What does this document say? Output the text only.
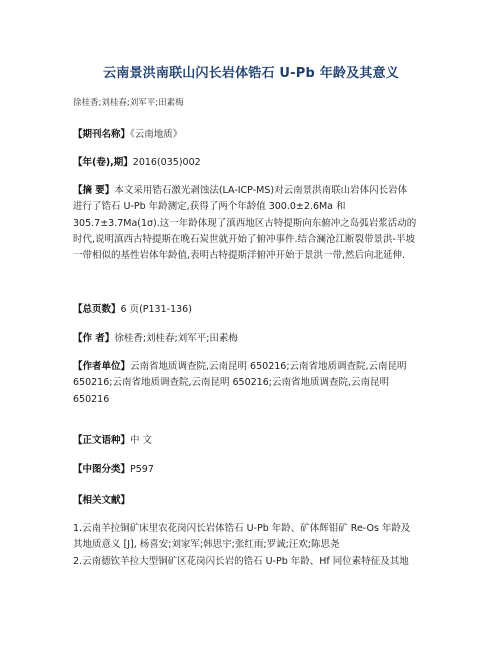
云南景洪南联山闪长岩体锆石 U-Pb 年龄及其意义
徐桂香;刘桂春;刘军平;田素梅
【期刊名称】《云南地质》
【年(卷),期】2016(035)002
【摘 要】本文采用锆石激光剥蚀法(LA-ICP-MS)对云南景洪南联山岩体闪长岩体
进行了锆石 U-Pb 年龄测定,获得了两个年龄值 300.0±2.6Ma 和
305.7±3.7Ma(1σ).这一年龄体现了滇西地区古特提斯向东俯冲之岛弧岩浆活动的
时代,说明滇西古特提斯在晚石炭世就开始了俯冲事件.结合澜沧江断裂带景洪-半坡
一带相似的基性岩体年龄值,表明古特提斯洋俯冲开始于景洪一带,然后向北延伸.
【总页数】6 页(P131-136)
【作 者】徐桂香;刘桂春;刘军平;田素梅
【作者单位】云南省地质调查院,云南昆明 650216;云南省地质调查院,云南昆明
650216;云南省地质调查院,云南昆明 650216;云南省地质调查院,云南昆明
650216
【正文语种】中 文
【中图分类】P597
【相关文献】
1.云南羊拉铜矿床里农花岗闪长岩体锆石 U-Pb 年龄、矿体辉钼矿 Re-Os 年龄及
其地质意义 [J], 杨喜安;刘家军;韩思宇;张红雨;罗诚;汪欢;陈思尧
2.云南德钦羊拉大型铜矿区花岗闪长岩的锆石 U-Pb 年龄、Hf 同位素特征及其地
